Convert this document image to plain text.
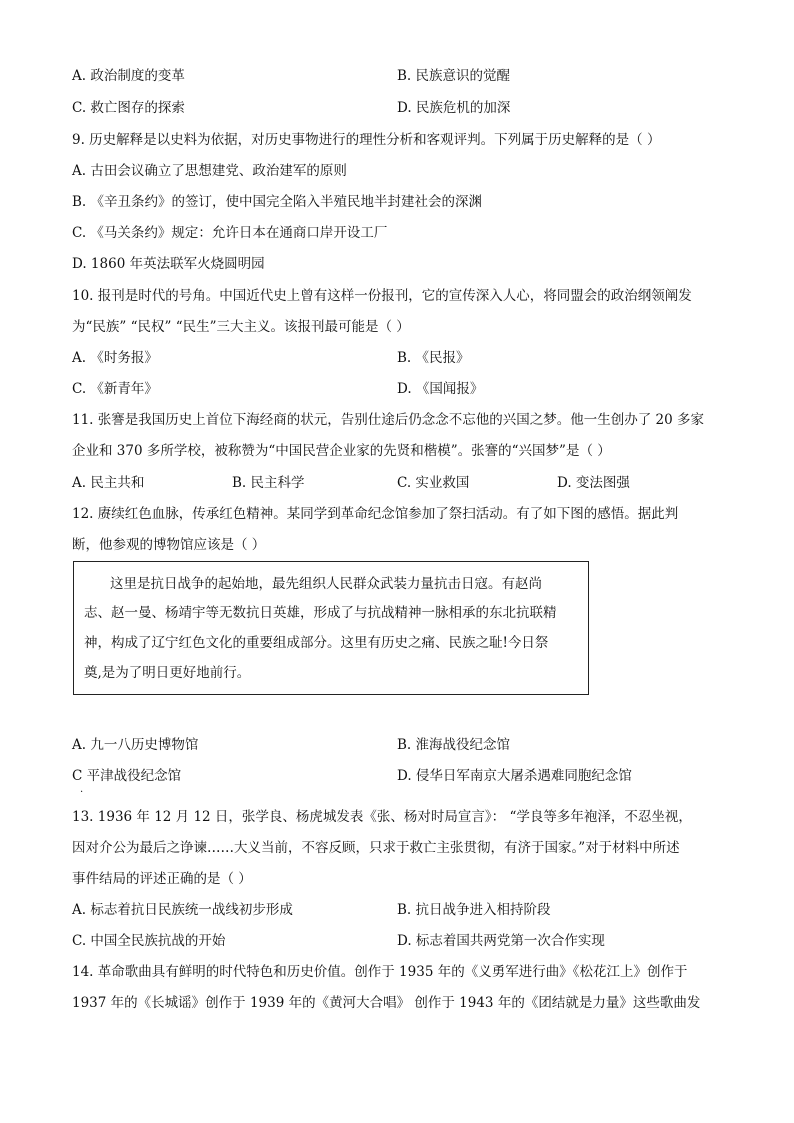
A. 政治制度的变革	B. 民族意识的觉醒
C. 救亡图存的探索	D. 民族危机的加深
9. 历史解释是以史料为依据，对历史事物进行的理性分析和客观评判。下列属于历史解释的是（ ）
A. 古田会议确立了思想建党、政治建军的原则
B. 《辛丑条约》的签订，使中国完全陷入半殖民地半封建社会的深渊
C. 《马关条约》规定：允许日本在通商口岸开设工厂
D. 1860 年英法联军火烧圆明园
10. 报刊是时代的号角。中国近代史上曾有这样一份报刊，它的宣传深入人心，将同盟会的政治纲领阐发
为“民族” “民权” “民生”三大主义。该报刊最可能是（ ）
A. 《时务报》	B. 《民报》
C. 《新青年》	D. 《国闻报》
11. 张謇是我国历史上首位下海经商的状元，告别仕途后仍念念不忘他的兴国之梦。他一生创办了 20 多家
企业和 370 多所学校，被称赞为“中国民营企业家的先贤和楷模”。张謇的“兴国梦”是（ ）
A. 民主共和	B. 民主科学	C. 实业救国	D. 变法图强
12. 赓续红色血脉，传承红色精神。某同学到革命纪念馆参加了祭扫活动。有了如下图的感悟。据此判
断，他参观的博物馆应该是（ ）
这里是抗日战争的起始地，最先组织人民群众武装力量抗击日寇。有赵尚
志、赵一曼、杨靖宇等无数抗日英雄，形成了与抗战精神一脉相承的东北抗联精
神，构成了辽宁红色文化的重要组成部分。这里有历史之痛、民族之耻!今日祭
奠,是为了明日更好地前行。
A. 九一八历史博物馆	B. 淮海战役纪念馆
C 平津战役纪念馆	D. 侵华日军南京大屠杀遇难同胞纪念馆
.
13. 1936 年 12 月 12 日，张学良、杨虎城发表《张、杨对时局宣言》： “学良等多年袍泽，不忍坐视，
因对介公为最后之诤谏……大义当前，不容反顾，只求于救亡主张贯彻，有济于国家。”对于材料中所述
事件结局的评述正确的是（ ）
A. 标志着抗日民族统一战线初步形成	B. 抗日战争进入相持阶段
C. 中国全民族抗战的开始	D. 标志着国共两党第一次合作实现
14. 革命歌曲具有鲜明的时代特色和历史价值。创作于 1935 年的《义勇军进行曲》《松花江上》创作于
1937 年的《长城谣》创作于 1939 年的《黄河大合唱》 创作于 1943 年的《团结就是力量》这些歌曲发
